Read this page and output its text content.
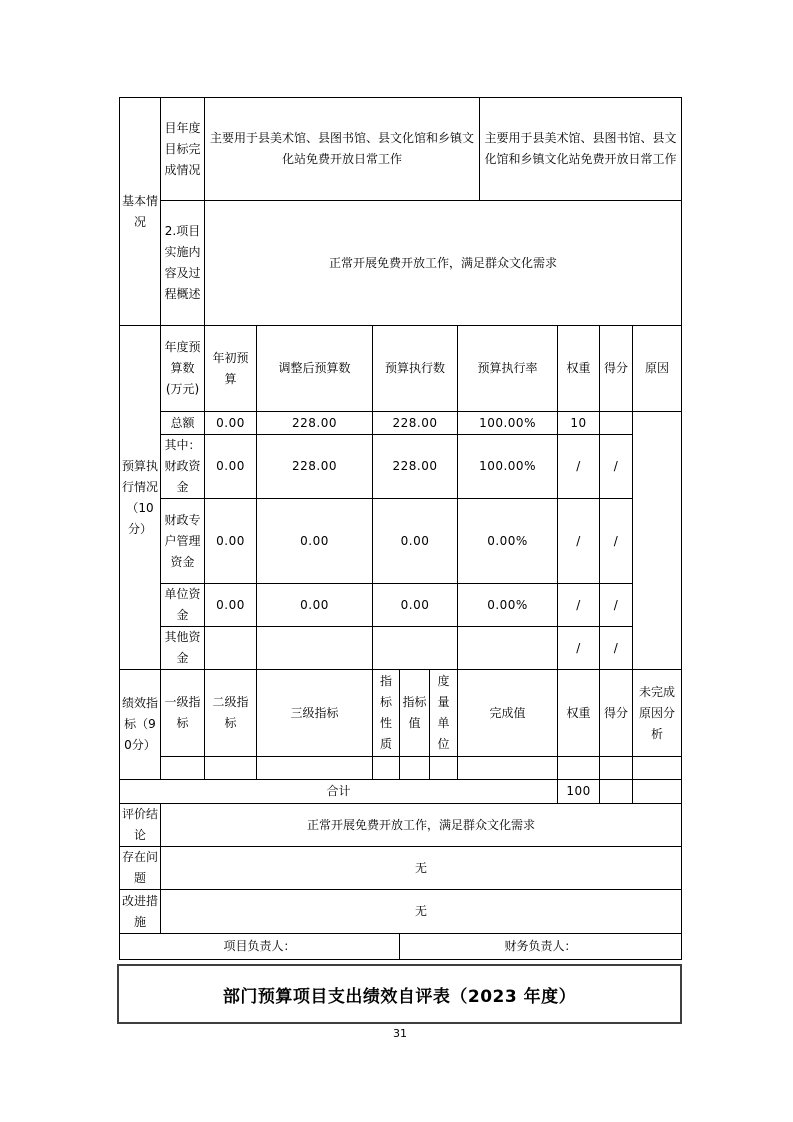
基本情况	目年度目标完成情况	主要用于县美术馆、县图书馆、县文化馆和乡镇文化站免费开放日常工作						主要用于县美术馆、县图书馆、县文化馆和乡镇文化站免费开放日常工作			
	2.项目实施内容及过程概述	正常开展免费开放工作，满足群众文化需求									
预算执行情况（10分）	年度预算数(万元)	年初预算	调整后预算数	预算执行数			预算执行率		权重	得分	原因
	总额	0.00	228.00	228.00			100.00%		10		
	其中：财政资金	0.00	228.00	228.00			100.00%		/	/	
	财政专户管理资金	0.00	0.00	0.00			0.00%		/	/	
	单位资金	0.00	0.00	0.00			0.00%		/	/	
	其他资金								/	/	
绩效指标（90分）	一级指标	二级指标	三级指标	指标性质	指标值	度量单位	完成值		权重	得分	未完成原因分析

合计									100		
评价结论	正常开展免费开放工作，满足群众文化需求										
存在问题	无										
改进措施	无										
项目负责人：					财务负责人：						
部门预算项目支出绩效自评表（2023 年度）
31
